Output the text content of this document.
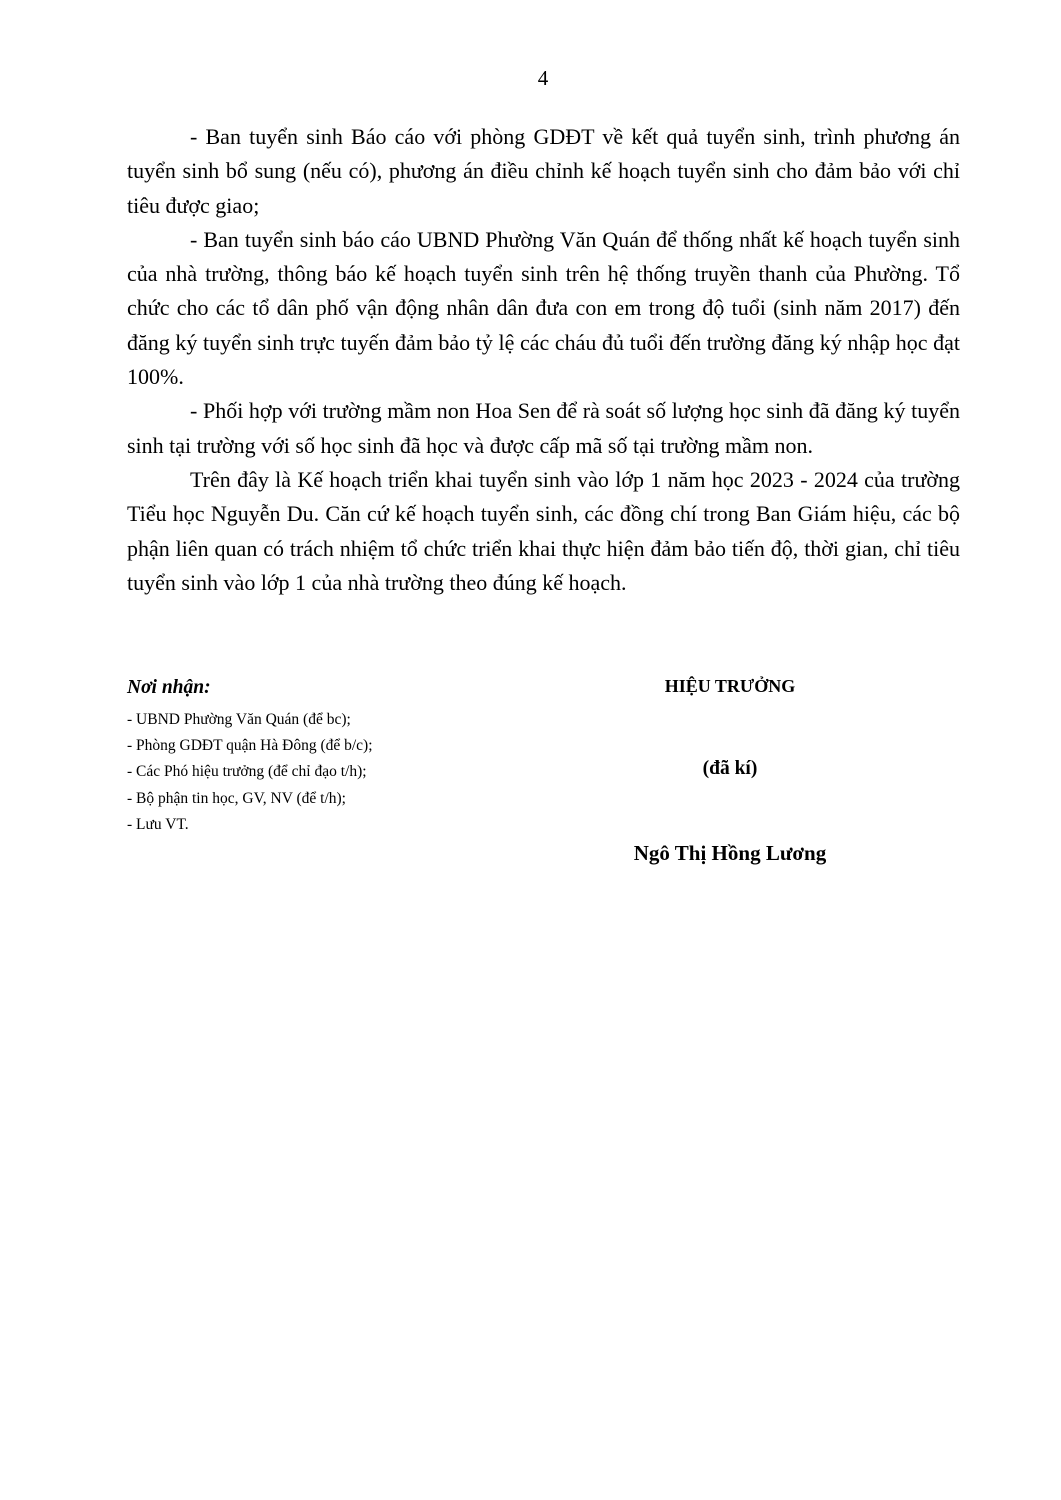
4

- Ban tuyển sinh Báo cáo với phòng GDĐT về kết quả tuyển sinh, trình phương án tuyển sinh bổ sung (nếu có), phương án điều chỉnh kế hoạch tuyển sinh cho đảm bảo với chỉ tiêu được giao;

- Ban tuyển sinh báo cáo UBND Phường Văn Quán để thống nhất kế hoạch tuyển sinh của nhà trường, thông báo kế hoạch tuyển sinh trên hệ thống truyền thanh của Phường. Tổ chức cho các tổ dân phố vận động nhân dân đưa con em trong độ tuổi (sinh năm 2017) đến đăng ký tuyển sinh trực tuyến đảm bảo tỷ lệ các cháu đủ tuổi đến trường đăng ký nhập học đạt 100%.

- Phối hợp với trường mầm non Hoa Sen để rà soát số lượng học sinh đã đăng ký tuyển sinh tại trường với số học sinh đã học và được cấp mã số tại trường mầm non.

Trên đây là Kế hoạch triển khai tuyển sinh vào lớp 1 năm học 2023 - 2024 của trường Tiểu học Nguyễn Du. Căn cứ kế hoạch tuyển sinh, các đồng chí trong Ban Giám hiệu, các bộ phận liên quan có trách nhiệm tổ chức triển khai thực hiện đảm bảo tiến độ, thời gian, chỉ tiêu tuyển sinh vào lớp 1 của nhà trường theo đúng kế hoạch.

Nơi nhận:
- UBND Phường Văn Quán (để bc);
- Phòng GDĐT quận Hà Đông (để b/c);
- Các Phó hiệu trưởng (để chỉ đạo t/h);
- Bộ phận tin học, GV, NV (để t/h);
- Lưu VT.
HIỆU TRƯỞNG
(đã kí)
Ngô Thị Hồng Lương
